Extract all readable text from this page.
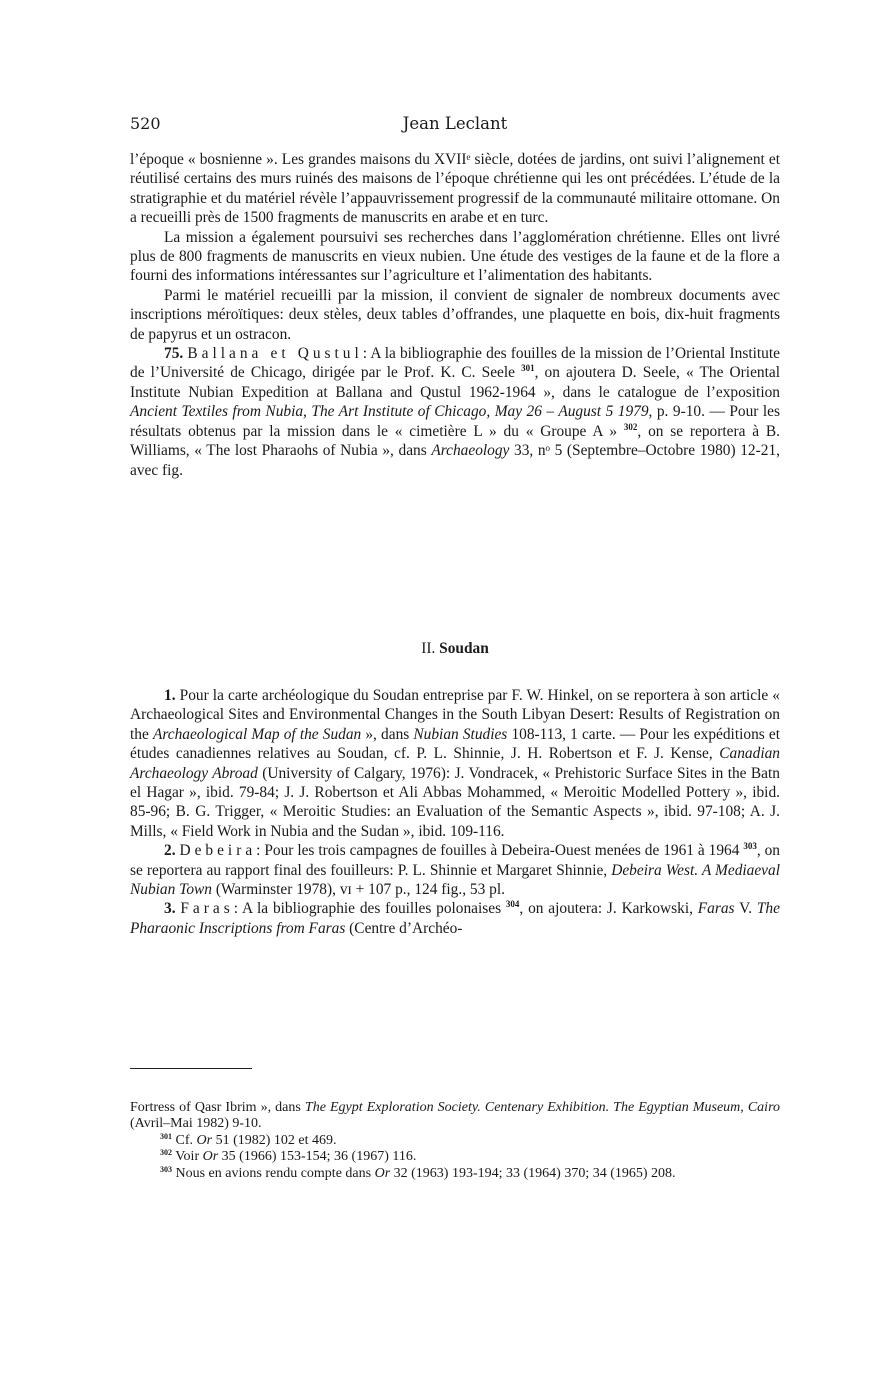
520	Jean Leclant

l’époque « bosnienne ». Les grandes maisons du XVIIᵉ siècle, dotées de jardins, ont suivi l’alignement et réutilisé certains des murs ruinés des maisons de l’époque chrétienne qui les ont précédées. L’étude de la stratigraphie et du matériel révèle l’appauvrissement progressif de la communauté militaire ottomane. On a recueilli près de 1500 fragments de manuscrits en arabe et en turc.

La mission a également poursuivi ses recherches dans l’agglomération chrétienne. Elles ont livré plus de 800 fragments de manuscrits en vieux nubien. Une étude des vestiges de la faune et de la flore a fourni des informations intéressantes sur l’agriculture et l’alimentation des habitants.

Parmi le matériel recueilli par la mission, il convient de signaler de nombreux documents avec inscriptions méroïtiques: deux stèles, deux tables d’offrandes, une plaquette en bois, dix-huit fragments de papyrus et un ostracon.

75. Ballana et Qustul: A la bibliographie des fouilles de la mission de l’Oriental Institute de l’Université de Chicago, dirigée par le Prof. K. C. Seele $^{301}$, on ajoutera D. Seele, « The Oriental Institute Nubian Expedition at Ballana and Qustul 1962-1964 », dans le catalogue de l’exposition Ancient Textiles from Nubia, The Art Institute of Chicago, May 26 – August 5 1979, p. 9-10. — Pour les résultats obtenus par la mission dans le « cimetière L » du « Groupe A » $^{302}$, on se reportera à B. Williams, « The lost Pharaohs of Nubia », dans Archaeology 33, nᵒ 5 (Septembre–Octobre 1980) 12-21, avec fig.

II. Soudan

1. Pour la carte archéologique du Soudan entreprise par F. W. Hinkel, on se reportera à son article « Archaeological Sites and Environmental Changes in the South Libyan Desert: Results of Registration on the Archaeological Map of the Sudan », dans Nubian Studies 108-113, 1 carte. — Pour les expéditions et études canadiennes relatives au Soudan, cf. P. L. Shinnie, J. H. Robertson et F. J. Kense, Canadian Archaeology Abroad (University of Calgary, 1976): J. Vondracek, « Prehistoric Surface Sites in the Batn el Hagar », ibid. 79-84; J. J. Robertson et Ali Abbas Mohammed, « Meroitic Modelled Pottery », ibid. 85-96; B. G. Trigger, « Meroitic Studies: an Evaluation of the Semantic Aspects », ibid. 97-108; A. J. Mills, « Field Work in Nubia and the Sudan », ibid. 109-116.

2. Debeira: Pour les trois campagnes de fouilles à Debeira-Ouest menées de 1961 à 1964 $^{303}$, on se reportera au rapport final des fouilleurs: P. L. Shinnie et Margaret Shinnie, Debeira West. A Mediaeval Nubian Town (Warminster 1978), ᴠɪ + 107 p., 124 fig., 53 pl.

3. Faras: A la bibliographie des fouilles polonaises $^{304}$, on ajoutera: J. Karkowski, Faras V. The Pharaonic Inscriptions from Faras (Centre d’Archéo-

Fortress of Qasr Ibrim », dans The Egypt Exploration Society. Centenary Exhibition. The Egyptian Museum, Cairo (Avril–Mai 1982) 9-10.

$^{301}$ Cf. Or 51 (1982) 102 et 469.

$^{302}$ Voir Or 35 (1966) 153-154; 36 (1967) 116.

$^{303}$ Nous en avions rendu compte dans Or 32 (1963) 193-194; 33 (1964) 370; 34 (1965) 208.
